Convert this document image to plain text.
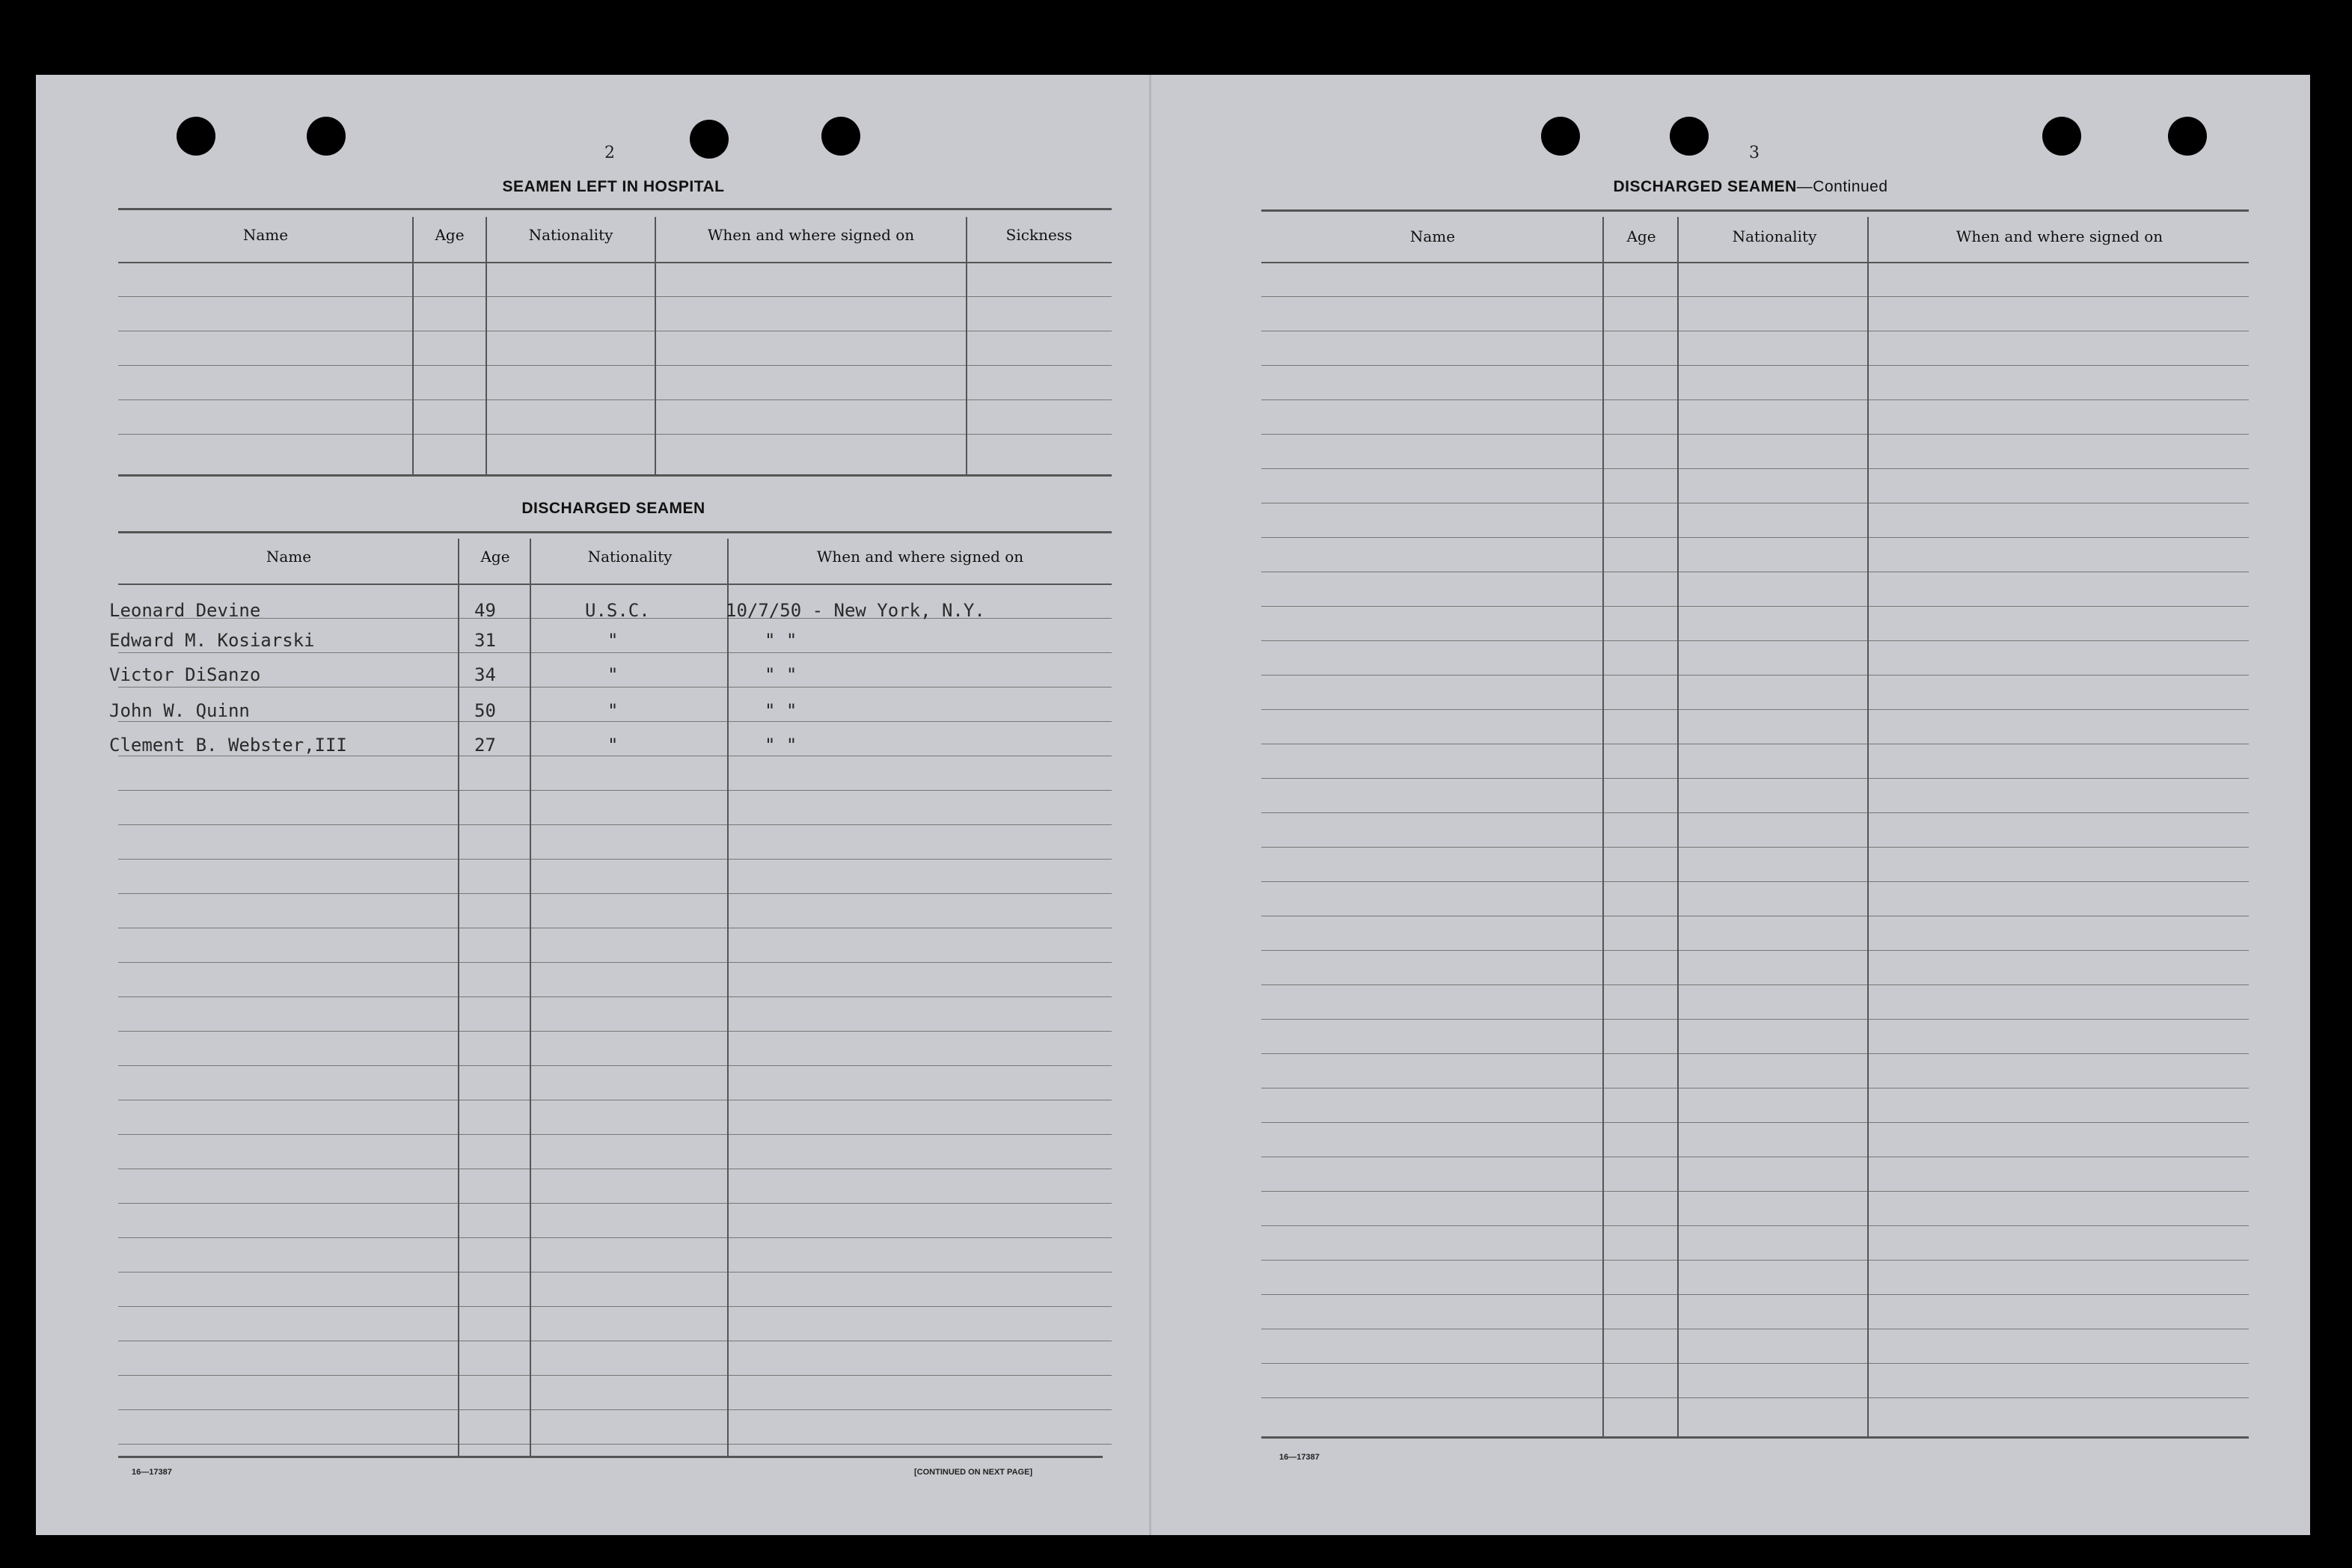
2
SEAMEN LEFT IN HOSPITAL
Name	Age	Nationality	When and where signed on	Sickness
DISCHARGED SEAMEN
Name	Age	Nationality	When and where signed on
Leonard Devine	49	U.S.C.	10/7/50 - New York, N.Y.
Edward M. Kosiarski	31	"	" "
Victor DiSanzo	34	"	" "
John W. Quinn	50	"	" "
Clement B. Webster,III	27	"	" "
16—17387	[CONTINUED ON NEXT PAGE]
3
DISCHARGED SEAMEN—Continued
Name	Age	Nationality	When and where signed on
16—17387
